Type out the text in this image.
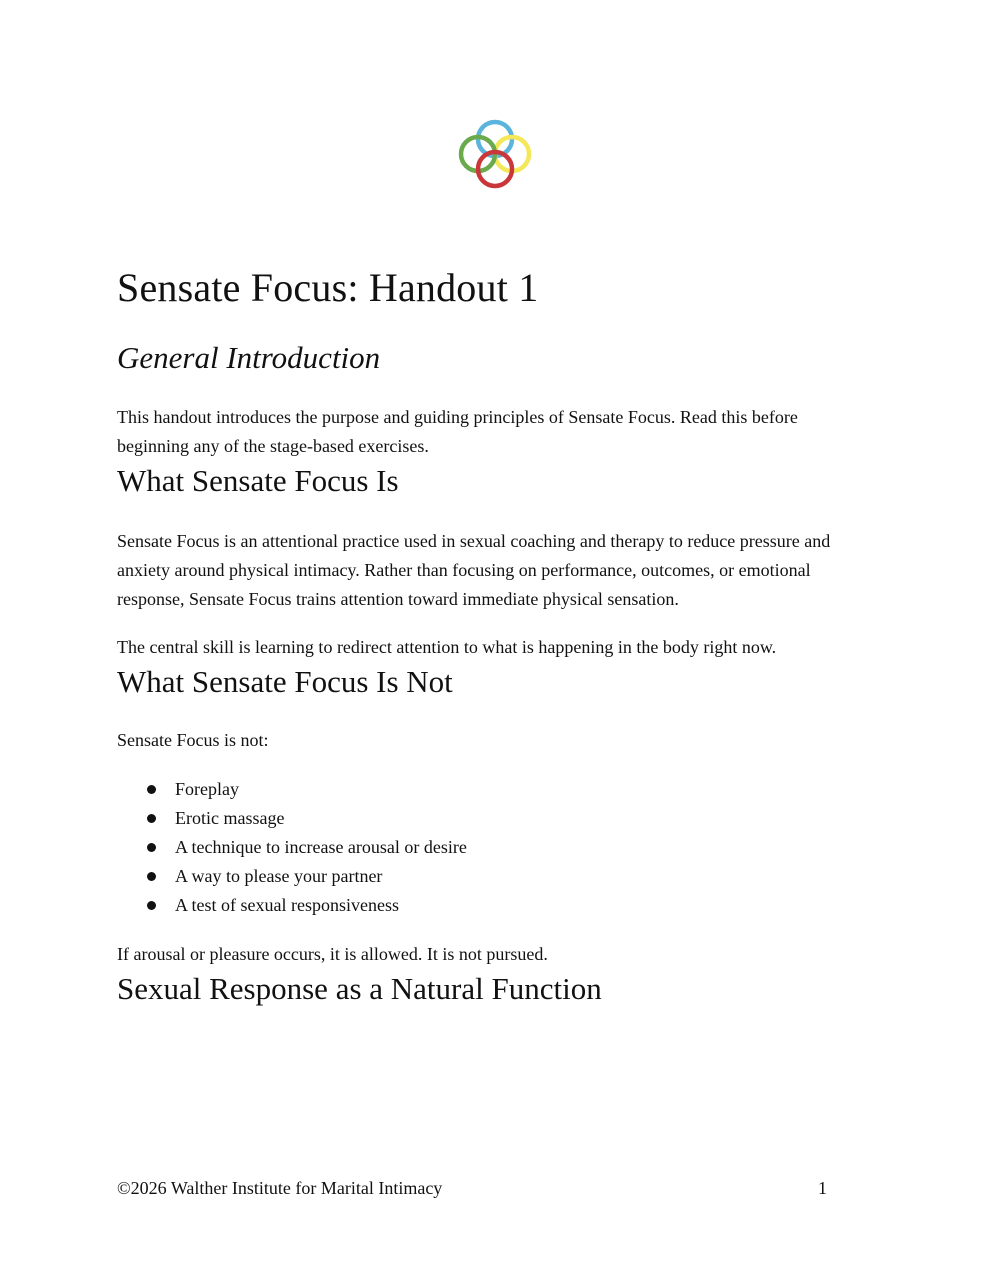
Sensate Focus: Handout 1
General Introduction

This handout introduces the purpose and guiding principles of Sensate Focus. Read this before beginning any of the stage-based exercises.

What Sensate Focus Is

Sensate Focus is an attentional practice used in sexual coaching and therapy to reduce pressure and anxiety around physical intimacy. Rather than focusing on performance, outcomes, or emotional response, Sensate Focus trains attention toward immediate physical sensation.

The central skill is learning to redirect attention to what is happening in the body right now.

What Sensate Focus Is Not

Sensate Focus is not:

Foreplay
Erotic massage
A technique to increase arousal or desire
A way to please your partner
A test of sexual responsiveness

If arousal or pleasure occurs, it is allowed. It is not pursued.

Sexual Response as a Natural Function
©2026 Walther Institute for Marital Intimacy	1
